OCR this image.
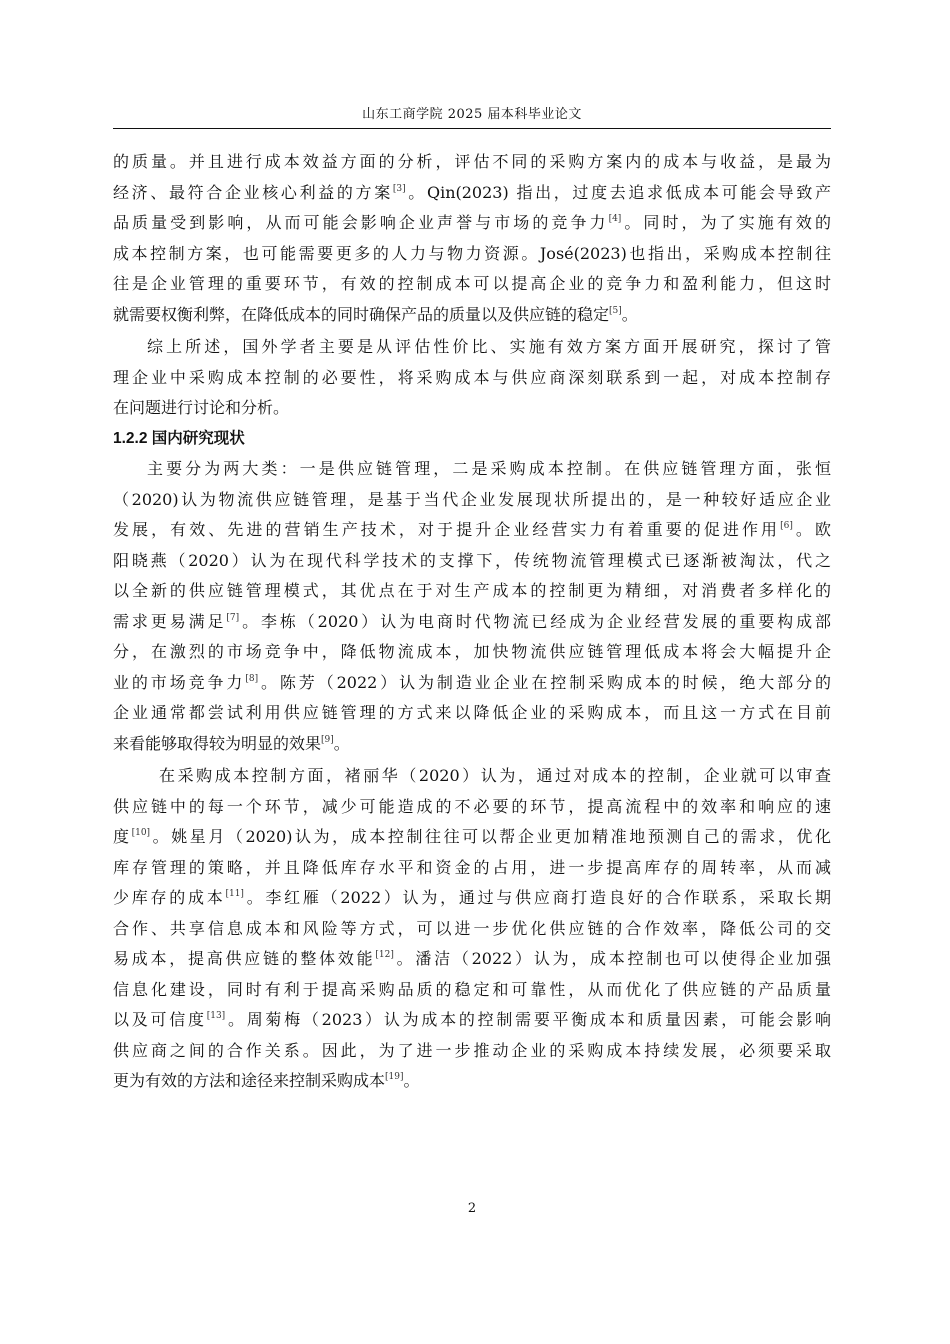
山东工商学院 2025 届本科毕业论文
的质量。并且进行成本效益方面的分析，评估不同的采购方案内的成本与收益，是最为
经济、最符合企业核心利益的方案[3]。Qin(2023) 指出，过度去追求低成本可能会导致产
品质量受到影响，从而可能会影响企业声誉与市场的竞争力[4]。同时，为了实施有效的
成本控制方案，也可能需要更多的人力与物力资源。José(2023)也指出，采购成本控制往
往是企业管理的重要环节，有效的控制成本可以提高企业的竞争力和盈利能力，但这时
就需要权衡利弊，在降低成本的同时确保产品的质量以及供应链的稳定[5]。
综上所述，国外学者主要是从评估性价比、实施有效方案方面开展研究，探讨了管
理企业中采购成本控制的必要性，将采购成本与供应商深刻联系到一起，对成本控制存
在问题进行讨论和分析。
1.2.2 国内研究现状
主要分为两大类：一是供应链管理，二是采购成本控制。在供应链管理方面，张恒
（2020)认为物流供应链管理，是基于当代企业发展现状所提出的，是一种较好适应企业
发展，有效、先进的营销生产技术，对于提升企业经营实力有着重要的促进作用[6]。欧
阳晓燕（2020）认为在现代科学技术的支撑下，传统物流管理模式已逐渐被淘汰，代之
以全新的供应链管理模式，其优点在于对生产成本的控制更为精细，对消费者多样化的
需求更易满足[7]。李栋（2020）认为电商时代物流已经成为企业经营发展的重要构成部
分，在激烈的市场竞争中，降低物流成本，加快物流供应链管理低成本将会大幅提升企
业的市场竞争力[8]。陈芳（2022）认为制造业企业在控制采购成本的时候，绝大部分的
企业通常都尝试利用供应链管理的方式来以降低企业的采购成本，而且这一方式在目前
来看能够取得较为明显的效果[9]。
在采购成本控制方面，褚丽华（2020）认为，通过对成本的控制，企业就可以审查
供应链中的每一个环节，减少可能造成的不必要的环节，提高流程中的效率和响应的速
度[10]。姚星月（2020)认为，成本控制往往可以帮企业更加精准地预测自己的需求，优化
库存管理的策略，并且降低库存水平和资金的占用，进一步提高库存的周转率，从而减
少库存的成本[11]。李红雁（2022）认为，通过与供应商打造良好的合作联系，采取长期
合作、共享信息成本和风险等方式，可以进一步优化供应链的合作效率，降低公司的交
易成本，提高供应链的整体效能[12]。潘洁（2022）认为，成本控制也可以使得企业加强
信息化建设，同时有利于提高采购品质的稳定和可靠性，从而优化了供应链的产品质量
以及可信度[13]。周菊梅（2023）认为成本的控制需要平衡成本和质量因素，可能会影响
供应商之间的合作关系。因此，为了进一步推动企业的采购成本持续发展，必须要采取
更为有效的方法和途径来控制采购成本[19]。
2
